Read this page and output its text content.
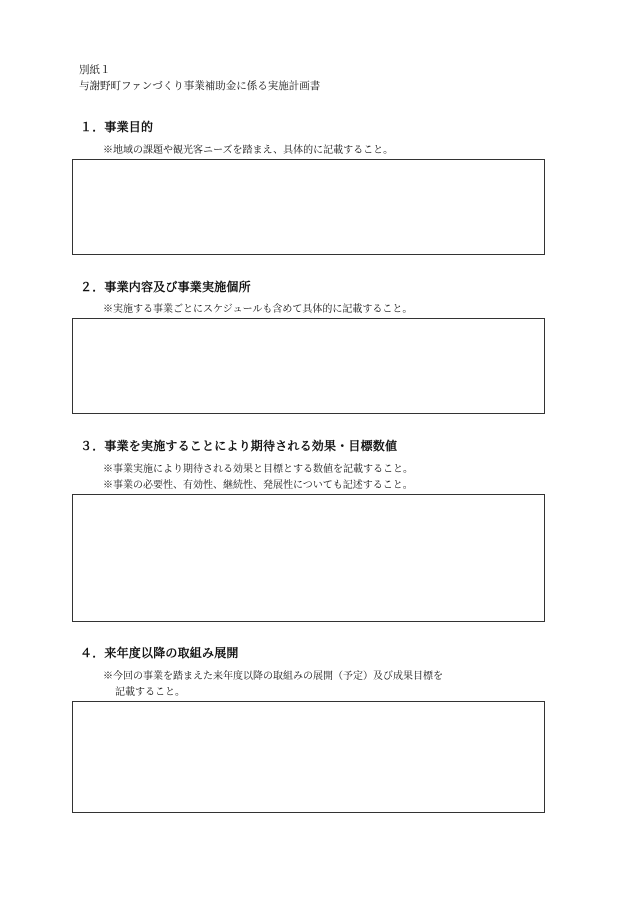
別紙１
与謝野町ファンづくり事業補助金に係る実施計画書
１．事業目的
※地域の課題や観光客ニーズを踏まえ、具体的に記載すること。
２．事業内容及び事業実施個所
※実施する事業ごとにスケジュールも含めて具体的に記載すること。
３．事業を実施することにより期待される効果・目標数値
※事業実施により期待される効果と目標とする数値を記載すること。
※事業の必要性、有効性、継続性、発展性についても記述すること。
４．来年度以降の取組み展開
※今回の事業を踏まえた来年度以降の取組みの展開（予定）及び成果目標を
記載すること。
